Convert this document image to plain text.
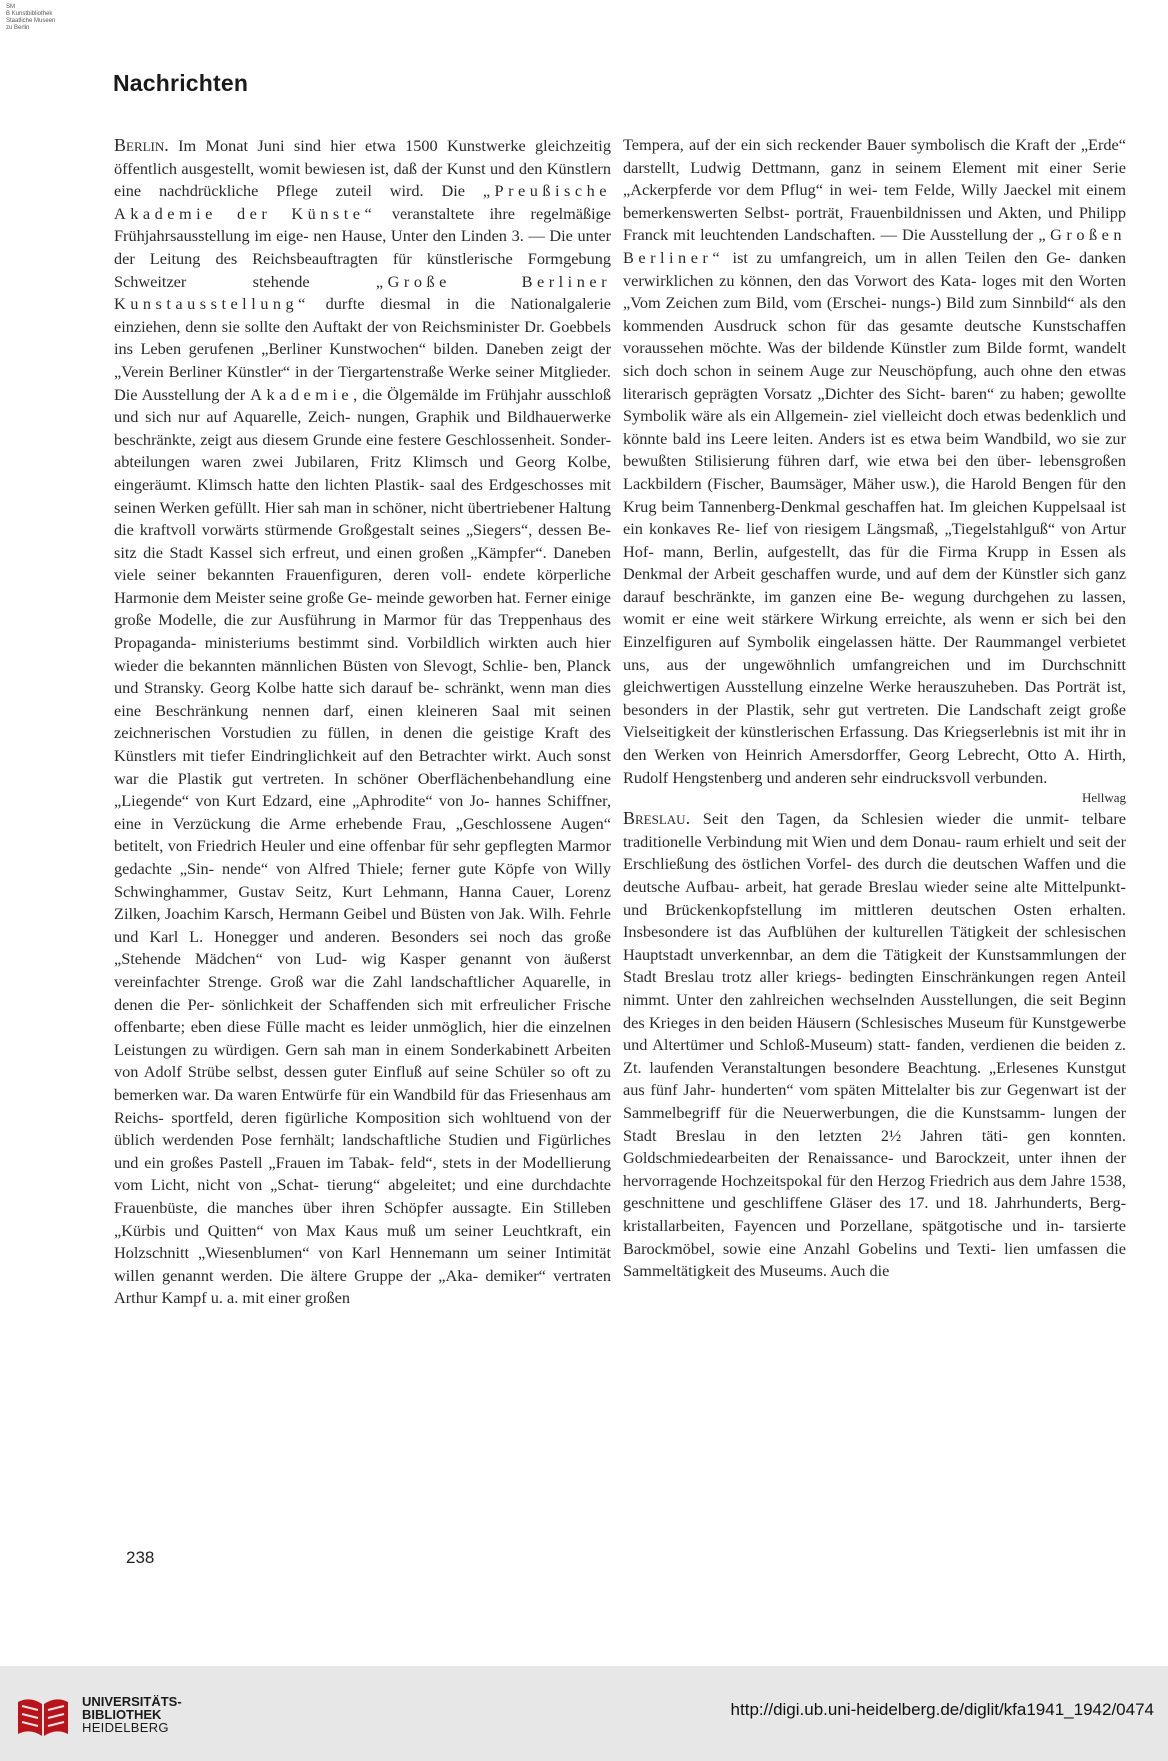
SM
B Kunstbibliothek
Staatliche Museen
zu Berlin
Nachrichten

Berlin. Im Monat Juni sind hier etwa 1500 Kunstwerke gleichzeitig öffentlich ausgestellt, womit bewiesen ist, daß der Kunst und den Künstlern eine nachdrückliche Pflege zuteil wird. Die „Preußische Akademie der Künste“ veranstaltete ihre regelmäßige Frühjahrsausstellung im eige- nen Hause, Unter den Linden 3. — Die unter der Leitung des Reichsbeauftragten für künstlerische Formgebung Schweitzer	stehende	„Große Berliner Kunstausstellung“ durfte diesmal in die Nationalgalerie einziehen, denn sie sollte den Auftakt der von Reichsminister Dr. Goebbels ins Leben gerufenen „Berliner Kunstwochen“ bilden. Daneben zeigt der „Verein Berliner Künstler“ in der Tiergartenstraße Werke seiner Mitglieder. Die Ausstellung der Akademie, die Ölgemälde im Frühjahr ausschloß und sich nur auf Aquarelle, Zeich- nungen, Graphik und Bildhauerwerke beschränkte, zeigt aus diesem Grunde eine festere Geschlossenheit. Sonder- abteilungen waren zwei Jubilaren, Fritz Klimsch und Georg Kolbe, eingeräumt. Klimsch hatte den lichten Plastik- saal des Erdgeschosses mit seinen Werken gefüllt. Hier sah man in schöner, nicht übertriebener Haltung die kraftvoll vorwärts stürmende Großgestalt seines „Siegers“, dessen Be- sitz die Stadt Kassel sich erfreut, und einen großen „Kämpfer“. Daneben viele seiner bekannten Frauenfiguren, deren voll- endete körperliche Harmonie dem Meister seine große Ge- meinde geworben hat. Ferner einige große Modelle, die zur Ausführung in Marmor für das Treppenhaus des Propaganda- ministeriums bestimmt sind. Vorbildlich wirkten auch hier wieder die bekannten männlichen Büsten von Slevogt, Schlie- ben, Planck und Stransky. Georg Kolbe hatte sich darauf be- schränkt, wenn man dies eine Beschränkung nennen darf, einen kleineren Saal mit seinen zeichnerischen Vorstudien zu füllen, in denen die geistige Kraft des Künstlers mit tiefer Eindringlichkeit auf den Betrachter wirkt. Auch sonst war die Plastik gut vertreten. In schöner Oberflächenbehandlung eine „Liegende“ von Kurt Edzard, eine „Aphrodite“ von Jo- hannes Schiffner, eine in Verzückung die Arme erhebende Frau, „Geschlossene Augen“ betitelt, von Friedrich Heuler und eine offenbar für sehr gepflegten Marmor gedachte „Sin- nende“ von Alfred Thiele; ferner gute Köpfe von Willy Schwinghammer, Gustav Seitz, Kurt Lehmann, Hanna Cauer, Lorenz Zilken, Joachim Karsch, Hermann Geibel und Büsten von Jak. Wilh. Fehrle und Karl L. Honegger und anderen. Besonders sei noch das große „Stehende Mädchen“ von Lud- wig Kasper genannt von äußerst vereinfachter Strenge. Groß war die Zahl landschaftlicher Aquarelle, in denen die Per- sönlichkeit der Schaffenden sich mit erfreulicher Frische offenbarte; eben diese Fülle macht es leider unmöglich, hier die einzelnen Leistungen zu würdigen. Gern sah man in einem Sonderkabinett Arbeiten von Adolf Strübe selbst, dessen guter Einfluß auf seine Schüler so oft zu bemerken war. Da waren Entwürfe für ein Wandbild für das Friesenhaus am Reichs- sportfeld, deren figürliche Komposition sich wohltuend von der üblich werdenden Pose fernhält; landschaftliche Studien und Figürliches und ein großes Pastell „Frauen im Tabak- feld“, stets in der Modellierung vom Licht, nicht von „Schat- tierung“ abgeleitet; und eine durchdachte Frauenbüste, die manches über ihren Schöpfer aussagte. Ein Stilleben „Kürbis und Quitten“ von Max Kaus muß um seiner Leuchtkraft, ein Holzschnitt „Wiesenblumen“ von Karl Hennemann um seiner Intimität willen genannt werden. Die ältere Gruppe der „Aka- demiker“ vertraten Arthur Kampf u. a. mit einer großen

Tempera, auf der ein sich reckender Bauer symbolisch die Kraft der „Erde“ darstellt, Ludwig Dettmann, ganz in seinem Element mit einer Serie „Ackerpferde vor dem Pflug“ in wei- tem Felde, Willy Jaeckel mit einem bemerkenswerten Selbst- porträt, Frauenbildnissen und Akten, und Philipp Franck mit leuchtenden Landschaften. — Die Ausstellung der „Großen Berliner“ ist zu umfangreich, um in allen Teilen den Ge- danken verwirklichen zu können, den das Vorwort des Kata- loges mit den Worten „Vom Zeichen zum Bild, vom (Erschei- nungs-) Bild zum Sinnbild“ als den kommenden Ausdruck schon für das gesamte deutsche Kunstschaffen voraussehen möchte. Was der bildende Künstler zum Bilde formt, wandelt sich doch schon in seinem Auge zur Neuschöpfung, auch ohne den etwas literarisch geprägten Vorsatz „Dichter des Sicht- baren“ zu haben; gewollte Symbolik wäre als ein Allgemein- ziel vielleicht doch etwas bedenklich und könnte bald ins Leere leiten. Anders ist es etwa beim Wandbild, wo sie zur bewußten Stilisierung führen darf, wie etwa bei den über- lebensgroßen Lackbildern (Fischer, Baumsäger, Mäher usw.), die Harold Bengen für den Krug beim Tannenberg-Denkmal geschaffen hat. Im gleichen Kuppelsaal ist ein konkaves Re- lief von riesigem Längsmaß, „Tiegelstahlguß“ von Artur Hof- mann, Berlin, aufgestellt, das für die Firma Krupp in Essen als Denkmal der Arbeit geschaffen wurde, und auf dem der Künstler sich ganz darauf beschränkte, im ganzen eine Be- wegung durchgehen zu lassen, womit er eine weit stärkere Wirkung erreichte, als wenn er sich bei den Einzelfiguren auf Symbolik eingelassen hätte. Der Raummangel verbietet uns, aus der ungewöhnlich umfangreichen und im Durchschnitt gleichwertigen Ausstellung einzelne Werke herauszuheben. Das Porträt ist, besonders in der Plastik, sehr gut vertreten. Die Landschaft zeigt große Vielseitigkeit der künstlerischen Erfassung. Das Kriegserlebnis ist mit ihr in den Werken von Heinrich Amersdorffer, Georg Lebrecht, Otto A. Hirth, Rudolf Hengstenberg und anderen sehr eindrucksvoll verbunden.

Hellwag

Breslau. Seit den Tagen, da Schlesien wieder die unmit- telbare traditionelle Verbindung mit Wien und dem Donau- raum erhielt und seit der Erschließung des östlichen Vorfel- des durch die deutschen Waffen und die deutsche Aufbau- arbeit, hat gerade Breslau wieder seine alte Mittelpunkt- und Brückenkopfstellung im mittleren deutschen Osten erhalten. Insbesondere ist das Aufblühen der kulturellen Tätigkeit der schlesischen Hauptstadt unverkennbar, an dem die Tätigkeit der Kunstsammlungen der Stadt Breslau trotz aller kriegs- bedingten Einschränkungen regen Anteil nimmt. Unter den zahlreichen wechselnden Ausstellungen, die seit Beginn des Krieges in den beiden Häusern (Schlesisches Museum für Kunstgewerbe und Altertümer und Schloß-Museum) statt- fanden, verdienen die beiden z. Zt. laufenden Veranstaltungen besondere Beachtung. „Erlesenes Kunstgut aus fünf Jahr- hunderten“ vom späten Mittelalter bis zur Gegenwart ist der Sammelbegriff für die Neuerwerbungen, die die Kunstsamm- lungen der Stadt Breslau in den letzten 2½ Jahren täti- gen konnten. Goldschmiedearbeiten der Renaissance- und Barockzeit, unter ihnen der hervorragende Hochzeitspokal für den Herzog Friedrich aus dem Jahre 1538, geschnittene und geschliffene Gläser des 17. und 18. Jahrhunderts, Berg- kristallarbeiten, Fayencen und Porzellane, spätgotische und in- tarsierte Barockmöbel, sowie eine Anzahl Gobelins und Texti- lien umfassen die Sammeltätigkeit des Museums. Auch die

238
UNIVERSITÄTS-
BIBLIOTHEK
HEIDELBERG
http://digi.ub.uni-heidelberg.de/diglit/kfa1941_1942/0474
